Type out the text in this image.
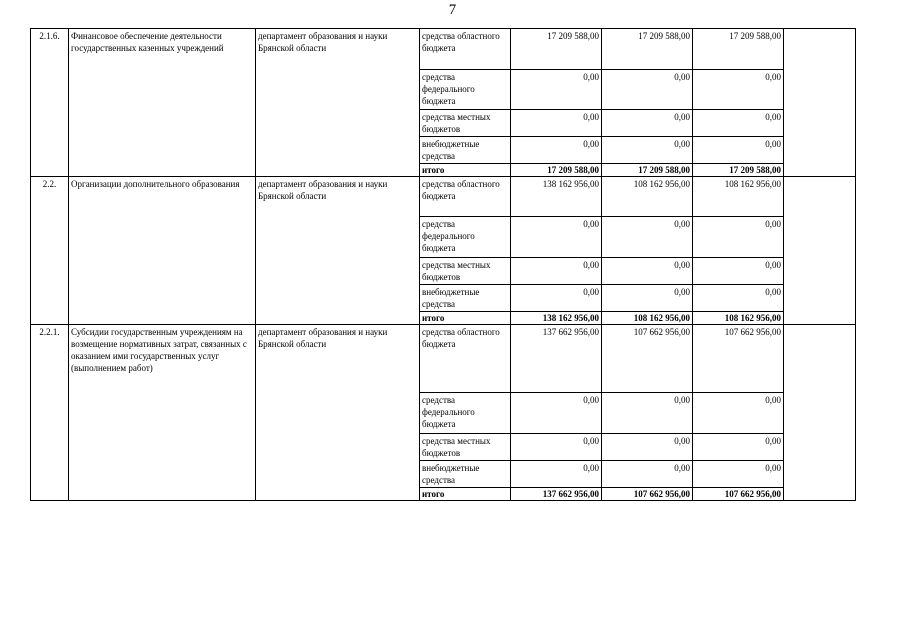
7
2.1.6.	Финансовое обеспечение деятельности государственных казенных учреждений	департамент образования и науки Брянской области	средства областного бюджета	17 209 588,00	17 209 588,00	17 209 588,00	
			средства федерального бюджета	0,00	0,00	0,00	
			средства местных бюджетов	0,00	0,00	0,00	
			внебюджетные средства	0,00	0,00	0,00	
			итого	17 209 588,00	17 209 588,00	17 209 588,00	
2.2.	Организации дополнительного образования	департамент образования и науки Брянской области	средства областного бюджета	138 162 956,00	108 162 956,00	108 162 956,00	
			средства федерального бюджета	0,00	0,00	0,00	
			средства местных бюджетов	0,00	0,00	0,00	
			внебюджетные средства	0,00	0,00	0,00	
			итого	138 162 956,00	108 162 956,00	108 162 956,00	
2.2.1.	Субсидии государственным учреждениям на возмещение нормативных затрат, связанных с оказанием ими государственных услуг (выполнением работ)	департамент образования и науки Брянской области	средства областного бюджета	137 662 956,00	107 662 956,00	107 662 956,00	
			средства федерального бюджета	0,00	0,00	0,00	
			средства местных бюджетов	0,00	0,00	0,00	
			внебюджетные средства	0,00	0,00	0,00	
			итого	137 662 956,00	107 662 956,00	107 662 956,00	
